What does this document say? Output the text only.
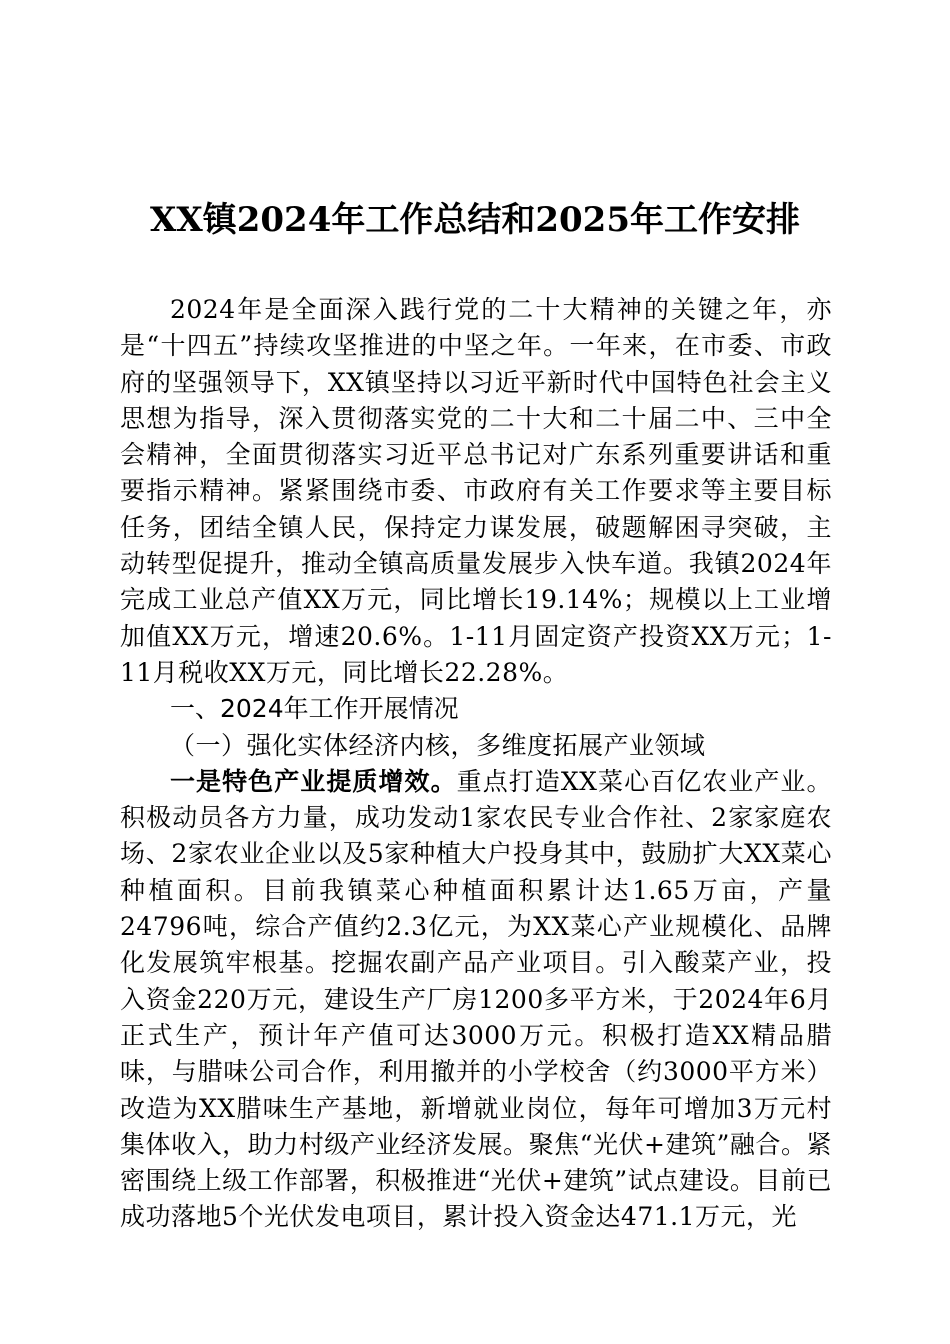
XX镇2024年工作总结和2025年工作安排

2024年是全面深入践行党的二十大精神的关键之年，亦是“十四五”持续攻坚推进的中坚之年。一年来，在市委、市政府的坚强领导下，XX镇坚持以习近平新时代中国特色社会主义思想为指导，深入贯彻落实党的二十大和二十届二中、三中全会精神，全面贯彻落实习近平总书记对广东系列重要讲话和重要指示精神。紧紧围绕市委、市政府有关工作要求等主要目标任务，团结全镇人民，保持定力谋发展，破题解困寻突破，主动转型促提升，推动全镇高质量发展步入快车道。我镇2024年完成工业总产值XX万元，同比增长19.14%；规模以上工业增加值XX万元，增速20.6%。1-11月固定资产投资XX万元；1-11月税收XX万元，同比增长22.28%。

一、2024年工作开展情况

（一）强化实体经济内核，多维度拓展产业领域

一是特色产业提质增效。重点打造XX菜心百亿农业产业。积极动员各方力量，成功发动1家农民专业合作社、2家家庭农场、2家农业企业以及5家种植大户投身其中，鼓励扩大XX菜心种植面积。目前我镇菜心种植面积累计达1.65万亩，产量24796吨，综合产值约2.3亿元，为XX菜心产业规模化、品牌化发展筑牢根基。挖掘农副产品产业项目。引入酸菜产业，投入资金220万元，建设生产厂房1200多平方米，于2024年6月正式生产，预计年产值可达3000万元。积极打造XX精品腊味，与腊味公司合作，利用撤并的小学校舍（约3000平方米）改造为XX腊味生产基地，新增就业岗位，每年可增加3万元村集体收入，助力村级产业经济发展。聚焦“光伏+建筑”融合。紧密围绕上级工作部署，积极推进“光伏+建筑”试点建设。目前已成功落地5个光伏发电项目，累计投入资金达471.1万元，光
